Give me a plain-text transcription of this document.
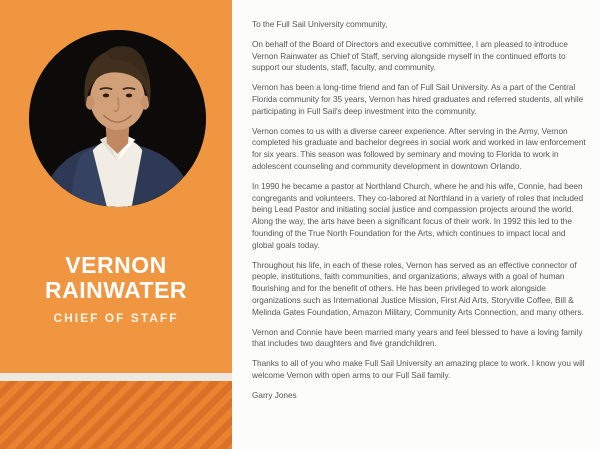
VERNON
RAINWATER
CHIEF OF STAFF

To the Full Sail University community,

On behalf of the Board of Directors and executive committee, I am pleased to introduce Vernon Rainwater as Chief of Staff, serving alongside myself in the continued efforts to support our students, staff, faculty, and community.

Vernon has been a long-time friend and fan of Full Sail University. As a part of the Central Florida community for 35 years, Vernon has hired graduates and referred students, all while participating in Full Sail's deep investment into the community.

Vernon comes to us with a diverse career experience. After serving in the Army, Vernon completed his graduate and bachelor degrees in social work and worked in law enforcement for six years. This season was followed by seminary and moving to Florida to work in adolescent counseling and community development in downtown Orlando.

In 1990 he became a pastor at Northland Church, where he and his wife, Connie, had been congregants and volunteers. They co-labored at Northland in a variety of roles that included being Lead Pastor and initiating social justice and compassion projects around the world. Along the way, the arts have been a significant focus of their work. In 1992 this led to the founding of the True North Foundation for the Arts, which continues to impact local and global goals today.

Throughout his life, in each of these roles, Vernon has served as an effective connector of people, institutions, faith communities, and organizations, always with a goal of human flourishing and for the benefit of others. He has been privileged to work alongside organizations such as International Justice Mission, First Aid Arts, Storyville Coffee, Bill & Melinda Gates Foundation, Amazon Military, Community Arts Connection, and many others.

Vernon and Connie have been married many years and feel blessed to have a loving family that includes two daughters and five grandchildren.

Thanks to all of you who make Full Sail University an amazing place to work. I know you will welcome Vernon with open arms to our Full Sail family.

Garry Jones
